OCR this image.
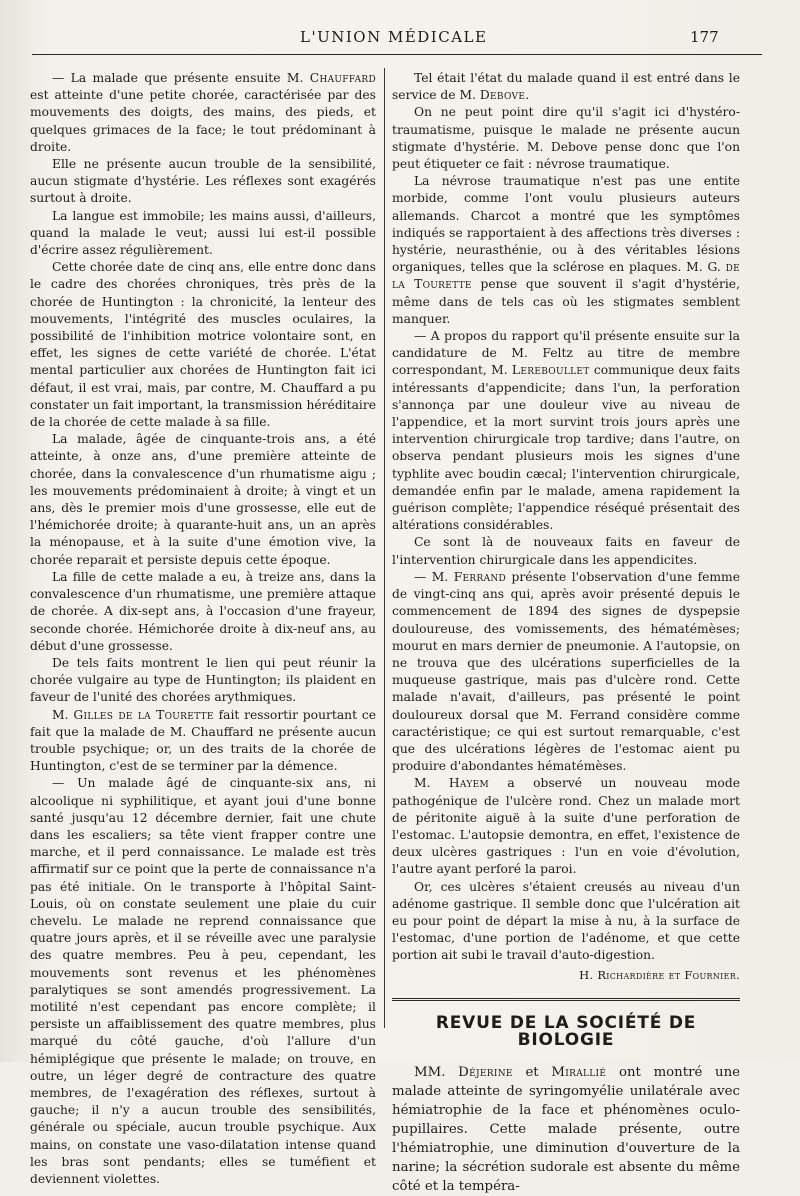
L'UNION MÉDICALE	177

— La malade que présente ensuite M. Chauffard est atteinte d'une petite chorée, caractérisée par des mouvements des doigts, des mains, des pieds, et quelques grimaces de la face; le tout prédominant à droite.

Elle ne présente aucun trouble de la sensibilité, aucun stigmate d'hystérie. Les réflexes sont exagérés surtout à droite.

La langue est immobile; les mains aussi, d'ailleurs, quand la malade le veut; aussi lui est-il possible d'écrire assez régulièrement.

Cette chorée date de cinq ans, elle entre donc dans le cadre des chorées chroniques, très près de la chorée de Huntington : la chronicité, la lenteur des mouvements, l'intégrité des muscles oculaires, la possibilité de l'inhibition motrice volontaire sont, en effet, les signes de cette variété de chorée. L'état mental particulier aux chorées de Huntington fait ici défaut, il est vrai, mais, par contre, M. Chauffard a pu constater un fait important, la transmission héréditaire de la chorée de cette malade à sa fille.

La malade, âgée de cinquante-trois ans, a été atteinte, à onze ans, d'une première atteinte de chorée, dans la convalescence d'un rhumatisme aigu ; les mouvements prédominaient à droite; à vingt et un ans, dès le premier mois d'une grossesse, elle eut de l'hémichorée droite; à quarante-huit ans, un an après la ménopause, et à la suite d'une émotion vive, la chorée reparait et persiste depuis cette époque.

La fille de cette malade a eu, à treize ans, dans la convalescence d'un rhumatisme, une première attaque de chorée. A dix-sept ans, à l'occasion d'une frayeur, seconde chorée. Hémichorée droite à dix-neuf ans, au début d'une grossesse.

De tels faits montrent le lien qui peut réunir la chorée vulgaire au type de Huntington; ils plaident en faveur de l'unité des chorées arythmiques.

M. Gilles de la Tourette fait ressortir pourtant ce fait que la malade de M. Chauffard ne présente aucun trouble psychique; or, un des traits de la chorée de Huntington, c'est de se terminer par la démence.

— Un malade âgé de cinquante-six ans, ni alcoolique ni syphilitique, et ayant joui d'une bonne santé jusqu'au 12 décembre dernier, fait une chute dans les escaliers; sa tête vient frapper contre une marche, et il perd connaissance. Le malade est très affirmatif sur ce point que la perte de connaissance n'a pas été initiale. On le transporte à l'hôpital Saint-Louis, où on constate seulement une plaie du cuir chevelu. Le malade ne reprend connaissance que quatre jours après, et il se réveille avec une paralysie des quatre membres. Peu à peu, cependant, les mouvements sont revenus et les phénomènes paralytiques se sont amendés progressivement. La motilité n'est cependant pas encore complète; il persiste un affaiblissement des quatre membres, plus marqué du côté gauche, d'où l'allure d'un hémiplégique que présente le malade; on trouve, en outre, un léger degré de contracture des quatre membres, de l'exagération des réflexes, surtout à gauche; il n'y a aucun trouble des sensibilités, générale ou spéciale, aucun trouble psychique. Aux mains, on constate une vaso-dilatation intense quand les bras sont pendants; elles se tuméfient et deviennent violettes.

Tel était l'état du malade quand il est entré dans le service de M. Debove.

On ne peut point dire qu'il s'agit ici d'hystéro-traumatisme, puisque le malade ne présente aucun stigmate d'hystérie. M. Debove pense donc que l'on peut étiqueter ce fait : névrose traumatique.

La névrose traumatique n'est pas une entite morbide, comme l'ont voulu plusieurs auteurs allemands. Charcot a montré que les symptômes indiqués se rapportaient à des affections très diverses : hystérie, neurasthénie, ou à des véritables lésions organiques, telles que la sclérose en plaques. M. G. de la Tourette pense que souvent il s'agit d'hystérie, même dans de tels cas où les stigmates semblent manquer.

— A propos du rapport qu'il présente ensuite sur la candidature de M. Feltz au titre de membre correspondant, M. Lereboullet communique deux faits intéressants d'appendicite; dans l'un, la perforation s'annonça par une douleur vive au niveau de l'appendice, et la mort survint trois jours après une intervention chirurgicale trop tardive; dans l'autre, on observa pendant plusieurs mois les signes d'une typhlite avec boudin cæcal; l'intervention chirurgicale, demandée enfin par le malade, amena rapidement la guérison complète; l'appendice réséqué présentait des altérations considérables.

Ce sont là de nouveaux faits en faveur de l'intervention chirurgicale dans les appendicites.

— M. Ferrand présente l'observation d'une femme de vingt-cinq ans qui, après avoir présenté depuis le commencement de 1894 des signes de dyspepsie douloureuse, des vomissements, des hématémèses; mourut en mars dernier de pneumonie. A l'autopsie, on ne trouva que des ulcérations superficielles de la muqueuse gastrique, mais pas d'ulcère rond. Cette malade n'avait, d'ailleurs, pas présenté le point douloureux dorsal que M. Ferrand considère comme caractéristique; ce qui est surtout remarquable, c'est que des ulcérations légères de l'estomac aient pu produire d'abondantes hématémèses.

M. Hayem a observé un nouveau mode pathogénique de l'ulcère rond. Chez un malade mort de péritonite aiguë à la suite d'une perforation de l'estomac. L'autopsie demontra, en effet, l'existence de deux ulcères gastriques : l'un en voie d'évolution, l'autre ayant perforé la paroi.

Or, ces ulcères s'étaient creusés au niveau d'un adénome gastrique. Il semble donc que l'ulcération ait eu pour point de départ la mise à nu, à la surface de l'estomac, d'une portion de l'adénome, et que cette portion ait subi le travail d'auto-digestion.

H. Richardière et Fournier.
REVUE DE LA SOCIÉTÉ DE BIOLOGIE

MM. Déjerine et Mirallié ont montré une malade atteinte de syringomyélie unilatérale avec hémiatrophie de la face et phénomènes oculo-pupillaires. Cette malade présente, outre l'hémiatrophie, une diminution d'ouverture de la narine; la sécrétion sudorale est absente du même côté et la tempéra-
